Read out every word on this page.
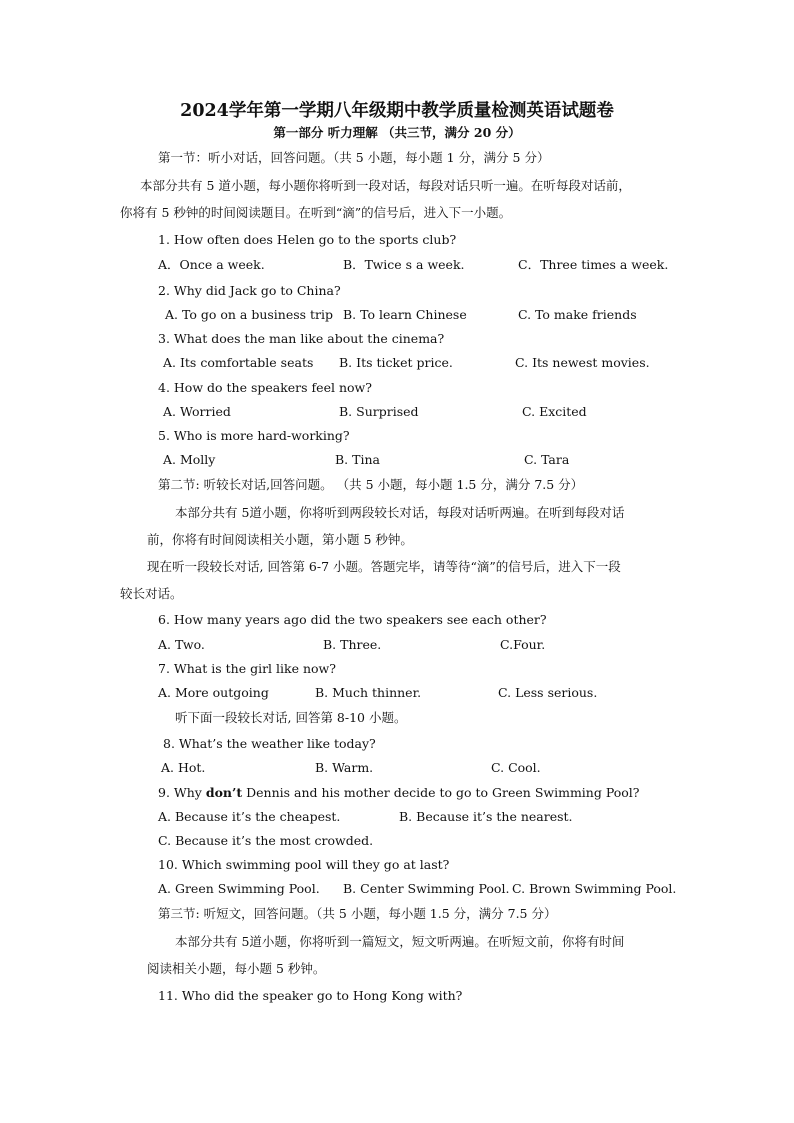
2024学年第一学期八年级期中教学质量检测英语试题卷
第一部分 听力理解 （共三节，满分 20 分）
第一节：听小对话，回答问题。（共 5 小题，每小题 1 分，满分 5 分）
本部分共有 5 道小题，每小题你将听到一段对话，每段对话只听一遍。在听每段对话前，
你将有 5 秒钟的时间阅读题目。在听到“滴”的信号后，进入下一小题。
1. How often does Helen go to the sports club?
A．Once a week.	B．Twice s a week.	C．Three times a week.
2. Why did Jack go to China?
A. To go on a business trip B. To learn Chinese	C. To make friends
3. What does the man like about the cinema?
A. Its comfortable seats B. Its ticket price.	C. Its newest movies.
4. How do the speakers feel now?
A. Worried	B. Surprised	C. Excited
5. Who is more hard-working?
A. Molly	B. Tina	C. Tara
第二节: 听较长对话,回答问题。 （共 5 小题，每小题 1.5 分，满分 7.5 分）
本部分共有 5道小题，你将听到两段较长对话，每段对话听两遍。在听到每段对话
前，你将有时间阅读相关小题，第小题 5 秒钟。
现在听一段较长对话, 回答第 6-7 小题。答题完毕，请等待“滴”的信号后，进入下一段
较长对话。
6. How many years ago did the two speakers see each other?
A. Two.	B. Three.	C.Four.
7. What is the girl like now?
A. More outgoing	B. Much thinner.	C. Less serious.
听下面一段较长对话, 回答第 8-10 小题。
8. What’s the weather like today?
A. Hot.	B. Warm.	C. Cool.
9. Why don’t Dennis and his mother decide to go to Green Swimming Pool?
A. Because it’s the cheapest.	B. Because it’s the nearest.
C. Because it’s the most crowded.
10. Which swimming pool will they go at last?
A. Green Swimming Pool. B. Center Swimming Pool. C. Brown Swimming Pool.
第三节: 听短文，回答问题。（共 5 小题，每小题 1.5 分，满分 7.5 分）
本部分共有 5道小题，你将听到一篇短文，短文听两遍。在听短文前，你将有时间
阅读相关小题，每小题 5 秒钟。
11. Who did the speaker go to Hong Kong with?
